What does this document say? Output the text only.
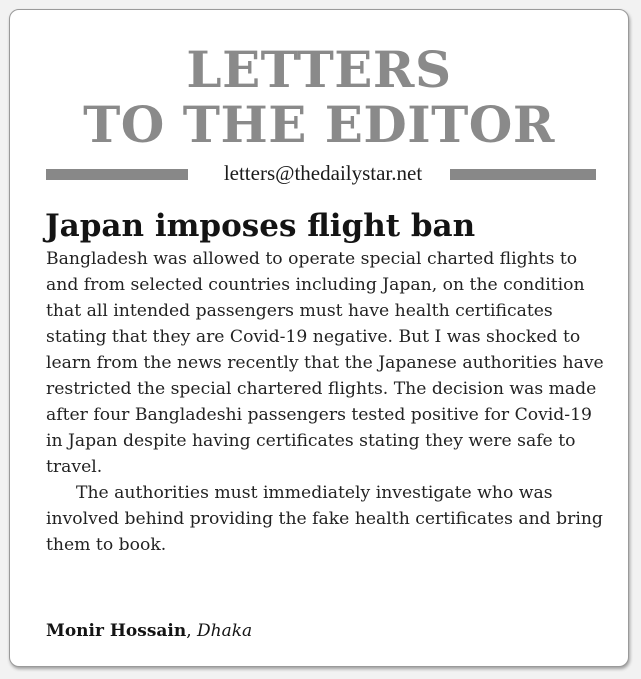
LETTERS
TO THE EDITOR
letters@thedailystar.net
Japan imposes flight ban

Bangladesh was allowed to operate special charted flights to and from selected countries including Japan, on the condition that all intended passengers must have health certificates stating that they are Covid-19 negative. But I was shocked to learn from the news recently that the Japanese authorities have restricted the special chartered flights. The decision was made after four Bangladeshi passengers tested positive for Covid-19 in Japan despite having certificates stating they were safe to travel.

The authorities must immediately investigate who was involved behind providing the fake health certificates and bring them to book.

Monir Hossain, Dhaka
